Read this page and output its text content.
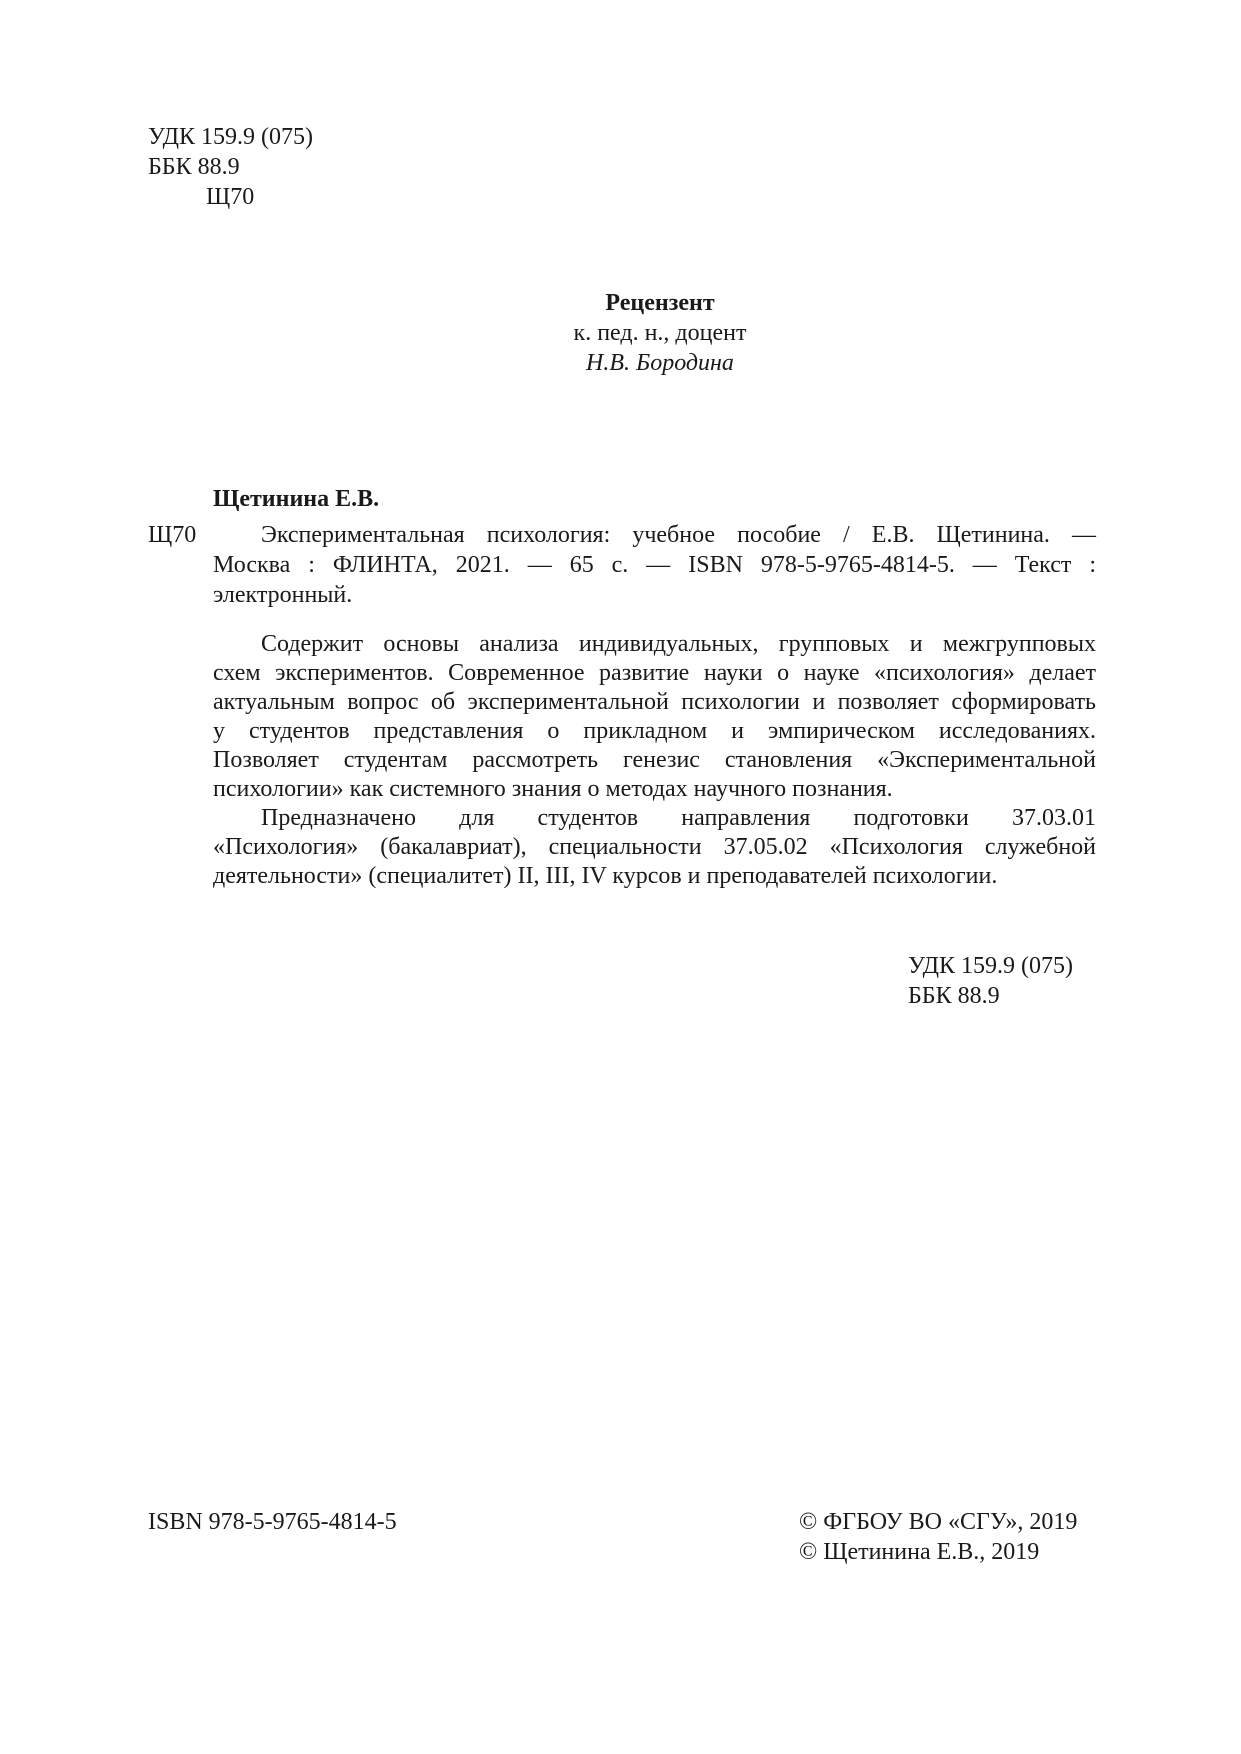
УДК 159.9 (075)
ББК 88.9
Щ70
Рецензент
к. пед. н., доцент
Н.В. Бородина
Щетинина Е.В.
Щ70	Экспериментальная психология: учебное пособие / Е.В. Щетинина. —
Москва : ФЛИНТА, 2021. — 65 с. — ISBN 978-5-9765-4814-5. — Текст :
электронный.
Содержит основы анализа индивидуальных, групповых и межгрупповых
схем экспериментов. Современное развитие науки о науке «психология» делает
актуальным вопрос об экспериментальной психологии и позволяет сформировать
у студентов представления о прикладном и эмпирическом исследованиях.
Позволяет студентам рассмотреть генезис становления «Экспериментальной
психологии» как системного знания о методах научного познания.
Предназначено для студентов направления подготовки 37.03.01
«Психология» (бакалавриат), специальности 37.05.02 «Психология служебной
деятельности» (специалитет) II, III, IV курсов и преподавателей психологии.
УДК 159.9 (075)
ББК 88.9
ISBN 978-5-9765-4814-5	© ФГБОУ ВО «СГУ», 2019
© Щетинина Е.В., 2019
